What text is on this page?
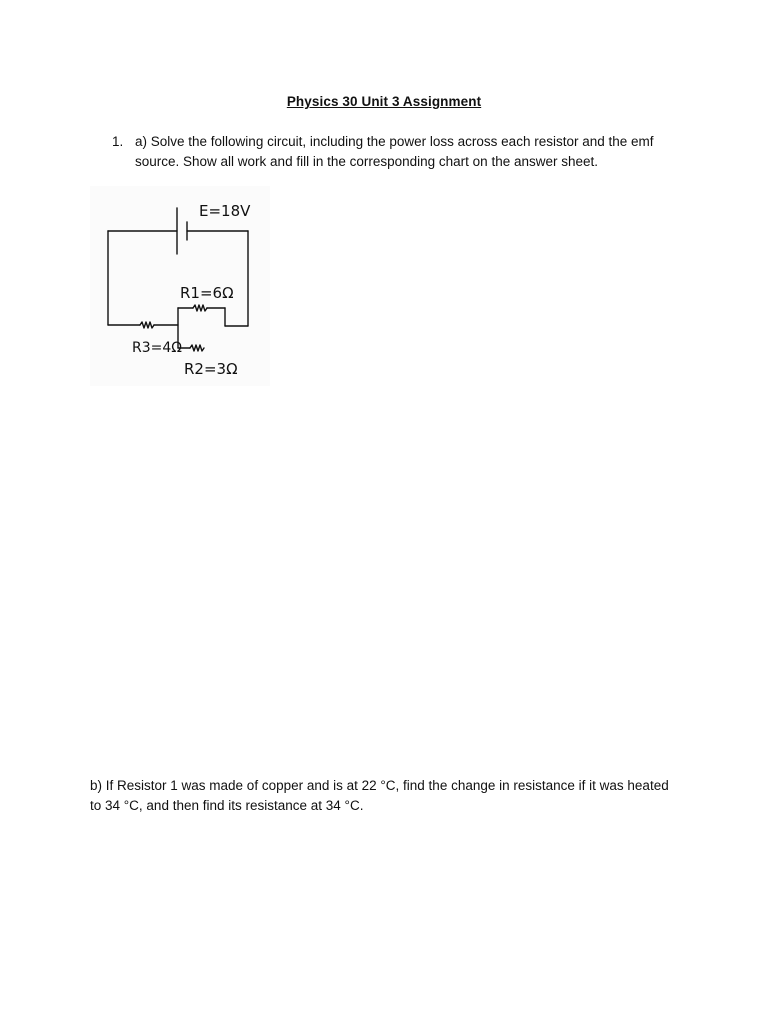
Physics 30 Unit 3 Assignment
1. a) Solve the following circuit, including the power loss across each resistor and the emf
source. Show all work and fill in the corresponding chart on the answer sheet.
E=18V
R1=6Ω
R3=4Ω
R2=3Ω
b) If Resistor 1 was made of copper and is at 22 °C, find the change in resistance if it was heated
to 34 °C, and then find its resistance at 34 °C.
